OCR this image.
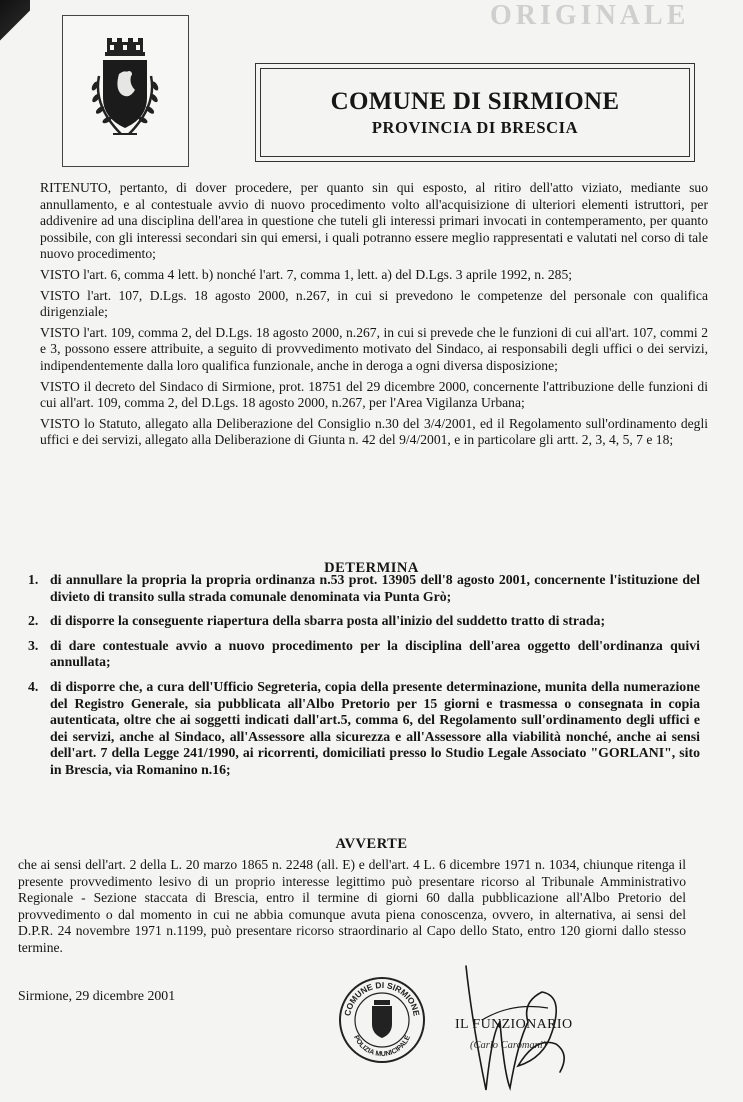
ORIGINALE
COMUNE DI SIRMIONE
PROVINCIA DI BRESCIA

RITENUTO, pertanto, di dover procedere, per quanto sin qui esposto, al ritiro dell'atto viziato, mediante suo annullamento, e al contestuale avvio di nuovo procedimento volto all'acquisizione di ulteriori elementi istruttori, per addivenire ad una disciplina dell'area in questione che tuteli gli interessi primari invocati in contemperamento, per quanto possibile, con gli interessi secondari sin qui emersi, i quali potranno essere meglio rappresentati e valutati nel corso di tale nuovo procedimento;

VISTO l'art. 6, comma 4 lett. b) nonché l'art. 7, comma 1, lett. a) del D.Lgs. 3 aprile 1992, n. 285;

VISTO l'art. 107, D.Lgs. 18 agosto 2000, n.267, in cui si prevedono le competenze del personale con qualifica dirigenziale;

VISTO l'art. 109, comma 2, del D.Lgs. 18 agosto 2000, n.267, in cui si prevede che le funzioni di cui all'art. 107, commi 2 e 3, possono essere attribuite, a seguito di provvedimento motivato del Sindaco, ai responsabili degli uffici o dei servizi, indipendentemente dalla loro qualifica funzionale, anche in deroga a ogni diversa disposizione;

VISTO il decreto del Sindaco di Sirmione, prot. 18751 del 29 dicembre 2000, concernente l'attribuzione delle funzioni di cui all'art. 109, comma 2, del D.Lgs. 18 agosto 2000, n.267, per l'Area Vigilanza Urbana;

VISTO lo Statuto, allegato alla Deliberazione del Consiglio n.30 del 3/4/2001, ed il Regolamento sull'ordinamento degli uffici e dei servizi, allegato alla Deliberazione di Giunta n. 42 del 9/4/2001, e in particolare gli artt. 2, 3, 4, 5, 7 e 18;

DETERMINA
1. di annullare la propria la propria ordinanza n.53 prot. 13905 dell'8 agosto 2001, concernente l'istituzione del divieto di transito sulla strada comunale denominata via Punta Grò;
2. di disporre la conseguente riapertura della sbarra posta all'inizio del suddetto tratto di strada;
3. di dare contestuale avvio a nuovo procedimento per la disciplina dell'area oggetto dell'ordinanza quivi annullata;
4. di disporre che, a cura dell'Ufficio Segreteria, copia della presente determinazione, munita della numerazione del Registro Generale, sia pubblicata all'Albo Pretorio per 15 giorni e trasmessa o consegnata in copia autenticata, oltre che ai soggetti indicati dall'art.5, comma 6, del Regolamento sull'ordinamento degli uffici e dei servizi, anche al Sindaco, all'Assessore alla sicurezza e all'Assessore alla viabilità nonché, anche ai sensi dell'art. 7 della Legge 241/1990, ai ricorrenti, domiciliati presso lo Studio Legale Associato "GORLANI", sito in Brescia, via Romanino n.16;
AVVERTE
che ai sensi dell'art. 2 della L. 20 marzo 1865 n. 2248 (all. E) e dell'art. 4 L. 6 dicembre 1971 n. 1034, chiunque ritenga il presente provvedimento lesivo di un proprio interesse legittimo può presentare ricorso al Tribunale Amministrativo Regionale - Sezione staccata di Brescia, entro il termine di giorni 60 dalla pubblicazione all'Albo Pretorio del provvedimento o dal momento in cui ne abbia comunque avuta piena conoscenza, ovvero, in alternativa, ai sensi del D.P.R. 24 novembre 1971 n.1199, può presentare ricorso straordinario al Capo dello Stato, entro 120 giorni dallo stesso termine.
Sirmione, 29 dicembre 2001
COMUNE DI SIRMIONE
POLIZIA MUNICIPALE
IL FUNZIONARIO
(Carlo Caromani)
